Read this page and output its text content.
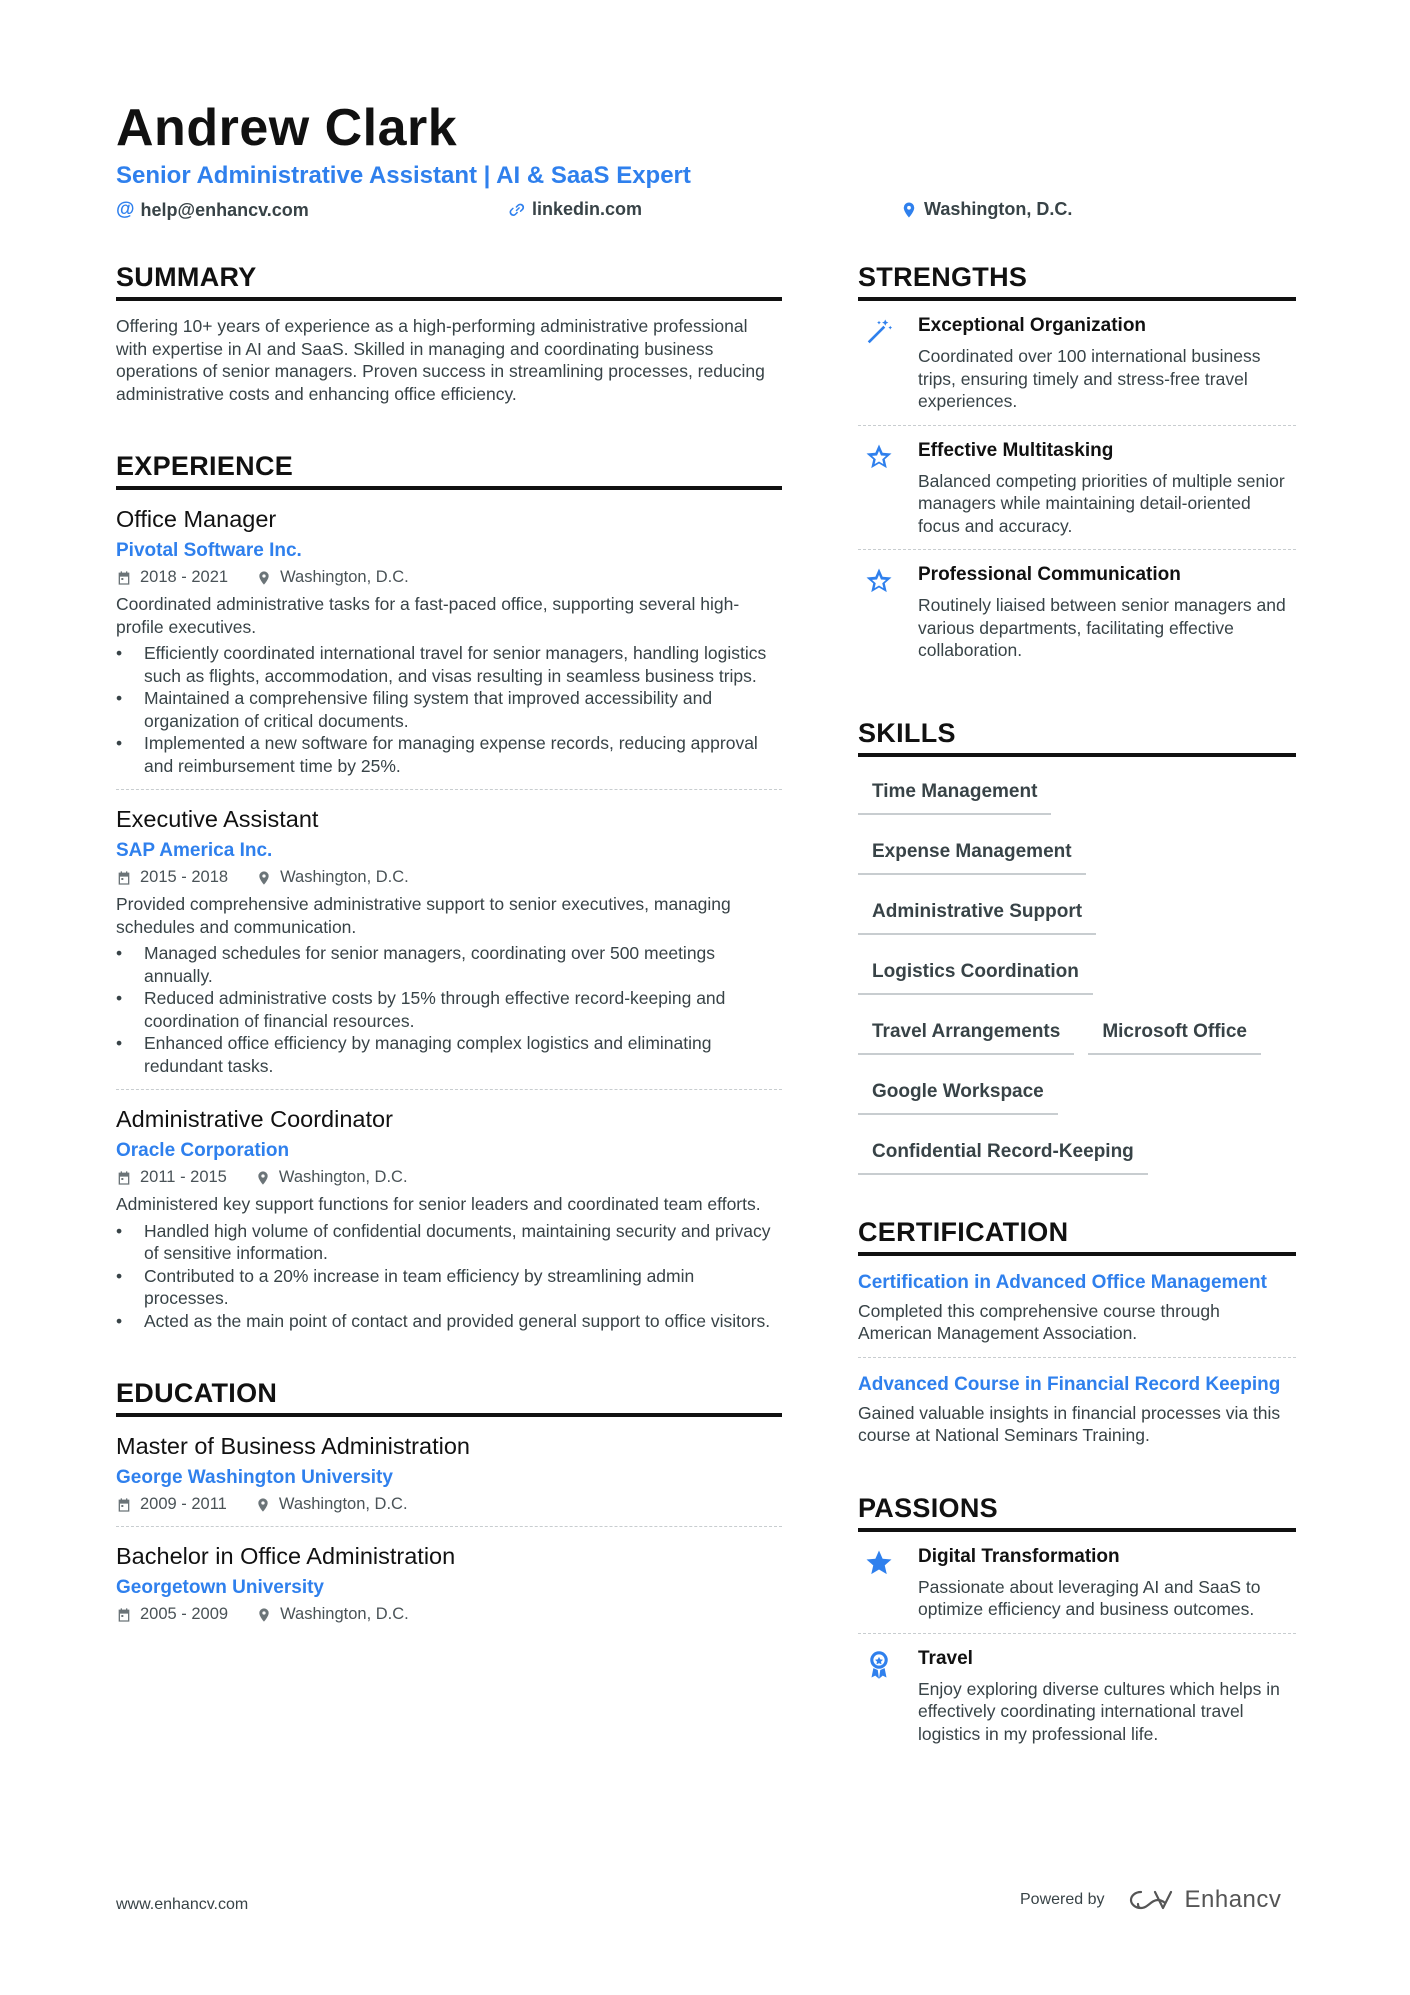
Andrew Clark
Senior Administrative Assistant | AI & SaaS Expert
@ help@enhancv.com	linkedin.com	Washington, D.C.
SUMMARY
Offering 10+ years of experience as a high-performing administrative professional with expertise in AI and SaaS. Skilled in managing and coordinating business operations of senior managers. Proven success in streamlining processes, reducing administrative costs and enhancing office efficiency.
EXPERIENCE
Office Manager
Pivotal Software Inc.
2018 - 2021	Washington, D.C.
Coordinated administrative tasks for a fast-paced office, supporting several high-profile executives.
• Efficiently coordinated international travel for senior managers, handling logistics such as flights, accommodation, and visas resulting in seamless business trips.
• Maintained a comprehensive filing system that improved accessibility and organization of critical documents.
• Implemented a new software for managing expense records, reducing approval and reimbursement time by 25%.
Executive Assistant
SAP America Inc.
2015 - 2018	Washington, D.C.
Provided comprehensive administrative support to senior executives, managing schedules and communication.
• Managed schedules for senior managers, coordinating over 500 meetings annually.
• Reduced administrative costs by 15% through effective record-keeping and coordination of financial resources.
• Enhanced office efficiency by managing complex logistics and eliminating redundant tasks.
Administrative Coordinator
Oracle Corporation
2011 - 2015	Washington, D.C.
Administered key support functions for senior leaders and coordinated team efforts.
• Handled high volume of confidential documents, maintaining security and privacy of sensitive information.
• Contributed to a 20% increase in team efficiency by streamlining admin processes.
• Acted as the main point of contact and provided general support to office visitors.
EDUCATION
Master of Business Administration
George Washington University
2009 - 2011	Washington, D.C.
Bachelor in Office Administration
Georgetown University
2005 - 2009	Washington, D.C.
STRENGTHS
Exceptional Organization
Coordinated over 100 international business trips, ensuring timely and stress-free travel experiences.
Effective Multitasking
Balanced competing priorities of multiple senior managers while maintaining detail-oriented focus and accuracy.
Professional Communication
Routinely liaised between senior managers and various departments, facilitating effective collaboration.
SKILLS
Time Management
Expense Management
Administrative Support
Logistics Coordination
Travel Arrangements	Microsoft Office
Google Workspace
Confidential Record-Keeping
CERTIFICATION
Certification in Advanced Office Management
Completed this comprehensive course through American Management Association.
Advanced Course in Financial Record Keeping
Gained valuable insights in financial processes via this course at National Seminars Training.
PASSIONS
Digital Transformation
Passionate about leveraging AI and SaaS to optimize efficiency and business outcomes.
Travel
Enjoy exploring diverse cultures which helps in effectively coordinating international travel logistics in my professional life.
www.enhancv.com	Powered by	Enhancv
